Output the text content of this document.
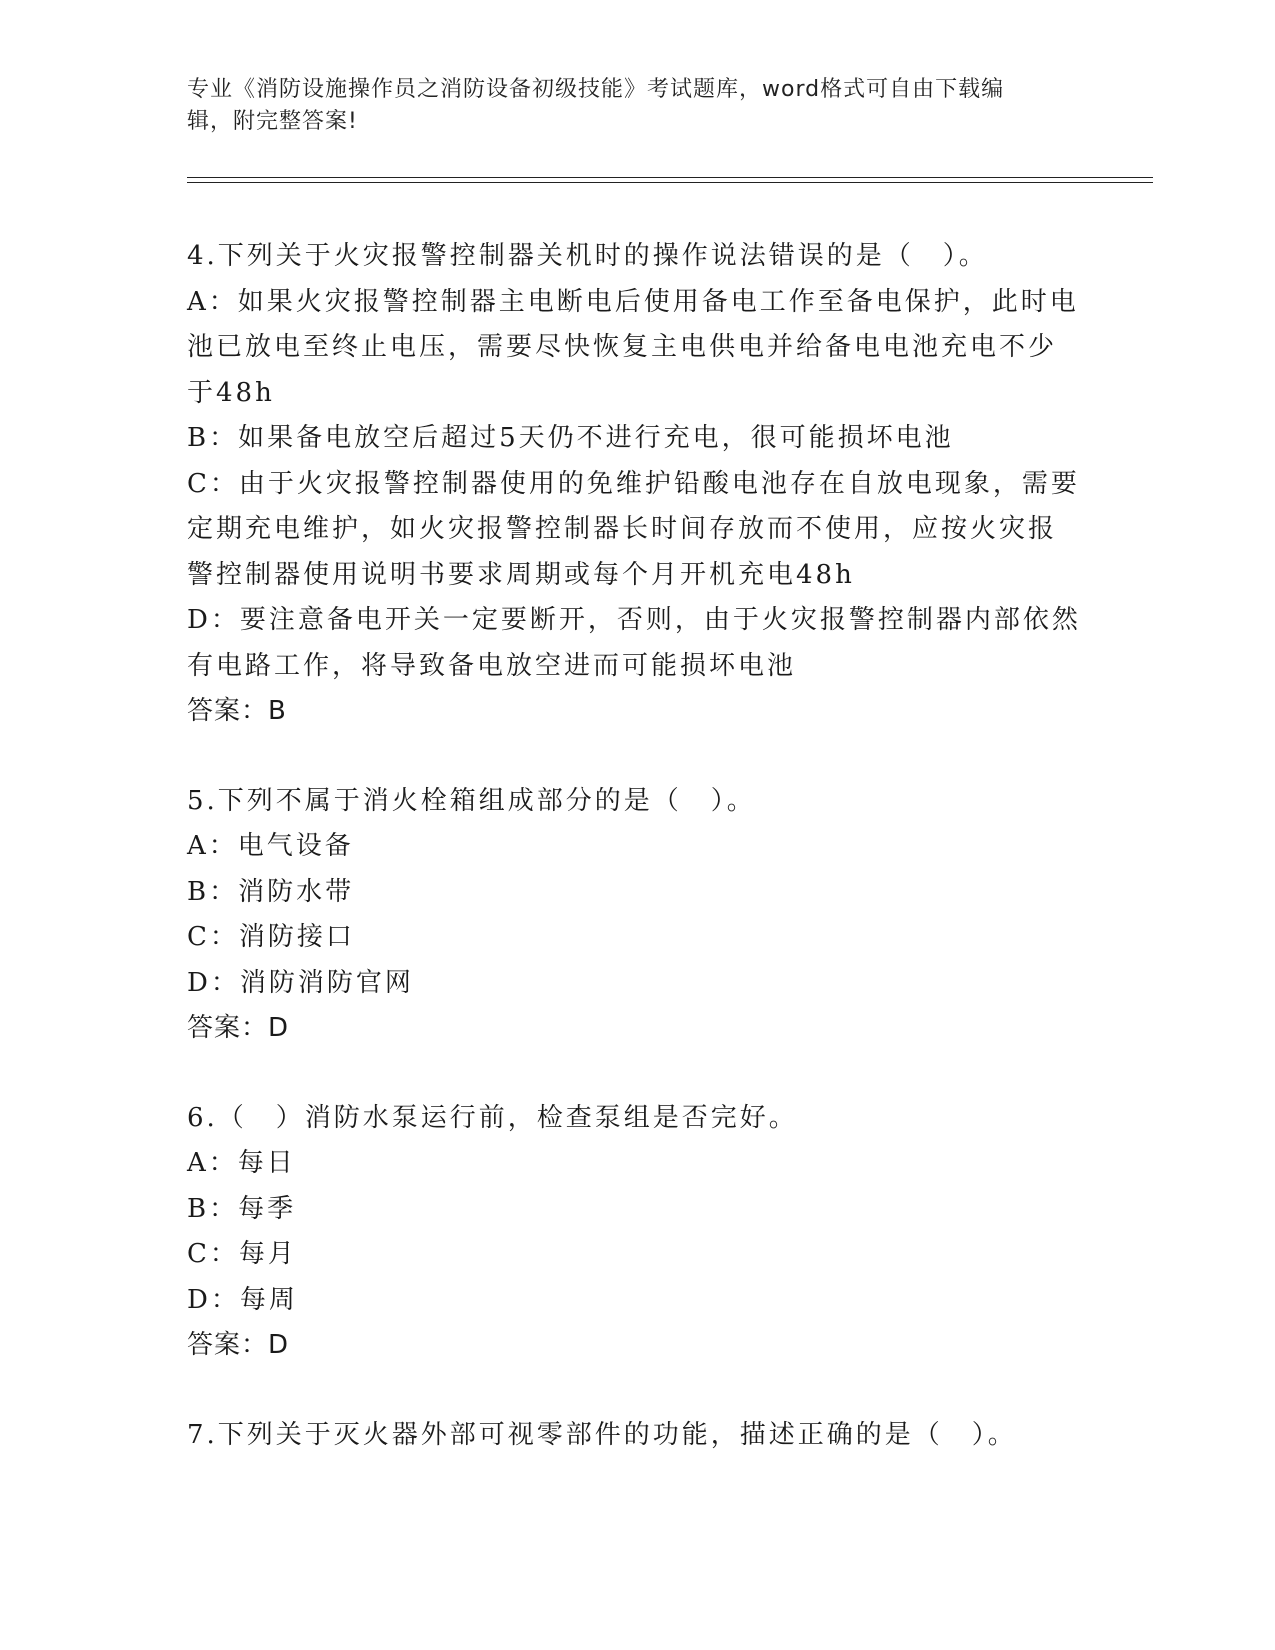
专业《消防设施操作员之消防设备初级技能》考试题库，word格式可自由下载编
辑，附完整答案!
4.下列关于火灾报警控制器关机时的操作说法错误的是（　）。
A：如果火灾报警控制器主电断电后使用备电工作至备电保护，此时电
池已放电至终止电压，需要尽快恢复主电供电并给备电电池充电不少
于48h
B：如果备电放空后超过5天仍不进行充电，很可能损坏电池
C：由于火灾报警控制器使用的免维护铅酸电池存在自放电现象，需要
定期充电维护，如火灾报警控制器长时间存放而不使用，应按火灾报
警控制器使用说明书要求周期或每个月开机充电48h
D：要注意备电开关一定要断开，否则，由于火灾报警控制器内部依然
有电路工作，将导致备电放空进而可能损坏电池
答案：B
5.下列不属于消火栓箱组成部分的是（　）。
A：电气设备
B：消防水带
C：消防接口
D：消防消防官网
答案：D
6.（　）消防水泵运行前，检查泵组是否完好。
A：每日
B：每季
C：每月
D：每周
答案：D
7.下列关于灭火器外部可视零部件的功能，描述正确的是（　）。
